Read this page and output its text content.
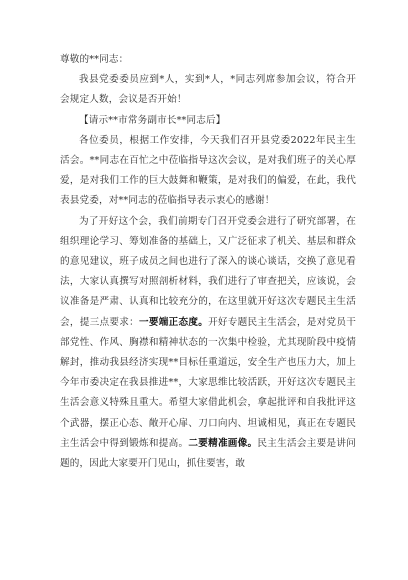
尊敬的**同志：

我县党委委员应到*人，实到*人，*同志列席参加会议，符合开会规定人数，会议是否开始！

【请示**市常务副市长**同志后】

各位委员，根据工作安排，今天我们召开县党委2022年民主生活会。**同志在百忙之中莅临指导这次会议，是对我们班子的关心厚爱，是对我们工作的巨大鼓舞和鞭策，是对我们的偏爱，在此，我代表县党委，对**同志的莅临指导表示衷心的感谢！

为了开好这个会，我们前期专门召开党委会进行了研究部署，在组织理论学习、筹划准备的基础上，又广泛征求了机关、基层和群众的意见建议，班子成员之间也进行了深入的谈心谈话，交换了意见看法，大家认真撰写对照剖析材料，我们进行了审查把关，应该说，会议准备是严肃、认真和比较充分的，在这里就开好这次专题民主生活会，提三点要求：一要端正态度。开好专题民主生活会，是对党员干部党性、作风、胸襟和精神状态的一次集中检验，尤其现阶段中疫情解封，推动我县经济实现**目标任重道远，安全生产也压力大，加上今年市委决定在我县推进**，大家思维比较活跃，开好这次专题民主生活会意义特殊且重大。希望大家借此机会，拿起批评和自我批评这个武器，摆正心态、敞开心扉、刀口向内、坦诚相见，真正在专题民主生活会中得到锻炼和提高。二要精准画像。民主生活会主要是讲问题的，因此大家要开门见山，抓住要害，敢
